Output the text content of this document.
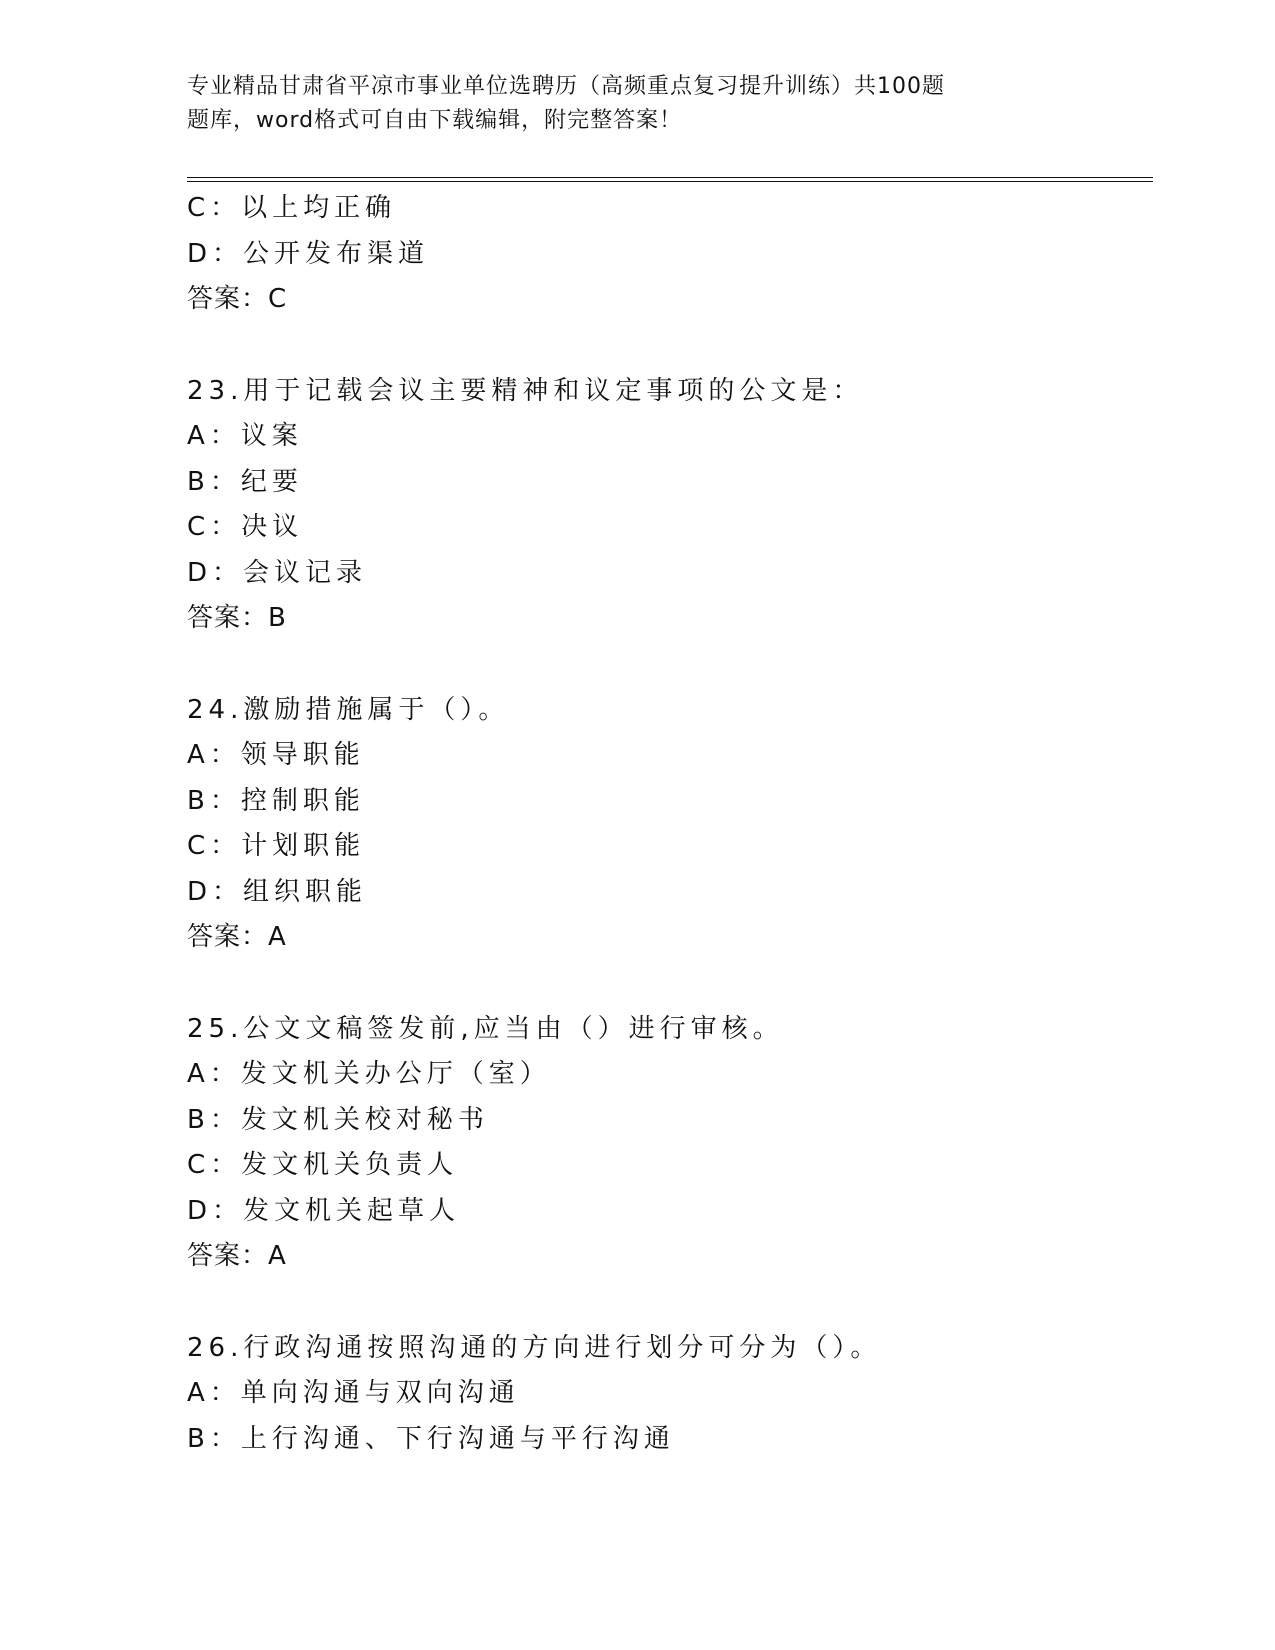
专业精品甘肃省平凉市事业单位选聘历（高频重点复习提升训练）共100题
题库，word格式可自由下载编辑，附完整答案！
C：以上均正确
D：公开发布渠道
答案：C
23.用于记载会议主要精神和议定事项的公文是：
A：议案
B：纪要
C：决议
D：会议记录
答案：B
24.激励措施属于（）。
A：领导职能
B：控制职能
C：计划职能
D：组织职能
答案：A
25.公文文稿签发前,应当由（）进行审核。
A：发文机关办公厅（室）
B：发文机关校对秘书
C：发文机关负责人
D：发文机关起草人
答案：A
26.行政沟通按照沟通的方向进行划分可分为（）。
A：单向沟通与双向沟通
B：上行沟通、下行沟通与平行沟通
